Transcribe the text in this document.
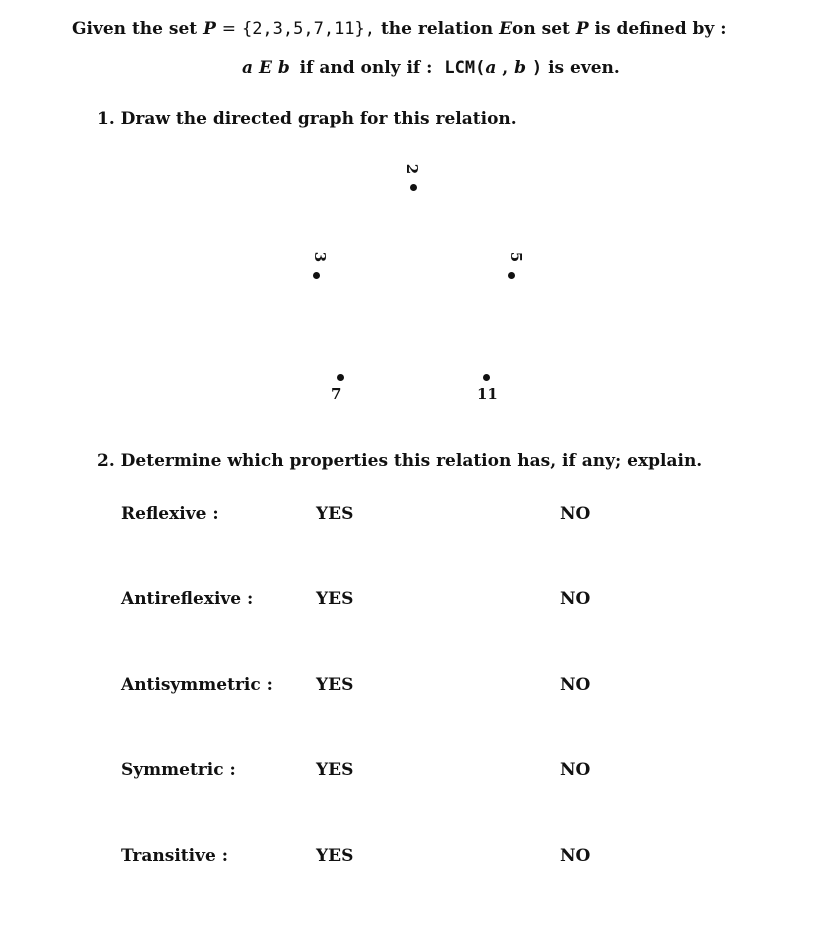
Given the set P = {2,3,5,7,11}, the relation Eon set P is defined by :
a E b if and only if : LCM(a , b ) is even.
1. Draw the directed graph for this relation.
2
3	5
7	11
2. Determine which properties this relation has, if any; explain.
Reflexive :	YES	NO
Antireflexive :	YES	NO
Antisymmetric :	YES	NO
Symmetric :	YES	NO
Transitive :	YES	NO
